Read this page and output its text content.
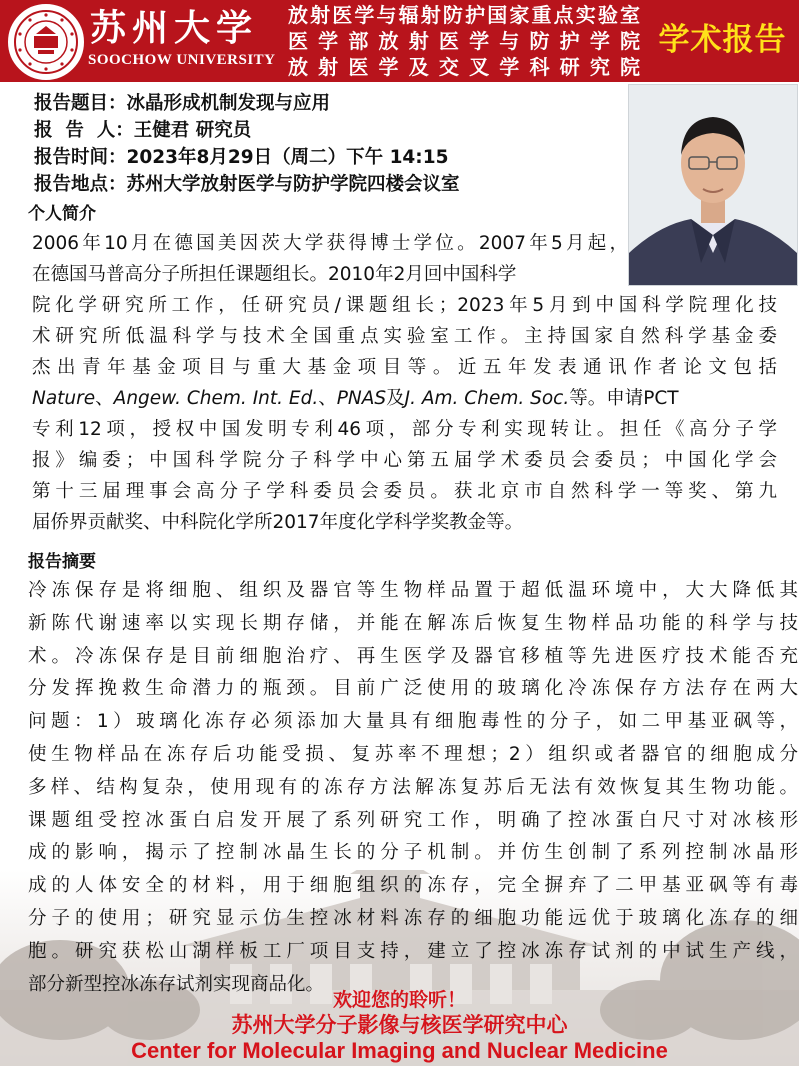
苏州大学
SOOCHOW UNIVERSITY
放射医学与辐射防护国家重点实验室
医学部放射医学与防护学院
放射医学及交叉学科研究院
学术报告
报告题目：冰晶形成机制发现与应用
报  告  人：王健君 研究员
报告时间：2023年8月29日（周二）下午 14:15
报告地点：苏州大学放射医学与防护学院四楼会议室
个人简介
2006年10月在德国美因茨大学获得博士学位。2007年5月起，
在德国马普高分子所担任课题组长。2010年2月回中国科学
院化学研究所工作，任研究员/课题组长；2023年5月到中国科学院理化技
术研究所低温科学与技术全国重点实验室工作。主持国家自然科学基金委
杰出青年基金项目与重大基金项目等。近五年发表通讯作者论文包括
Nature、Angew. Chem. Int. Ed.、PNAS及J. Am. Chem. Soc.等。申请PCT
专利12项，授权中国发明专利46项，部分专利实现转让。担任《高分子学
报》编委；中国科学院分子科学中心第五届学术委员会委员；中国化学会
第十三届理事会高分子学科委员会委员。获北京市自然科学一等奖、第九
届侨界贡献奖、中科院化学所2017年度化学科学奖教金等。
报告摘要
冷冻保存是将细胞、组织及器官等生物样品置于超低温环境中，大大降低其
新陈代谢速率以实现长期存储，并能在解冻后恢复生物样品功能的科学与技
术。冷冻保存是目前细胞治疗、再生医学及器官移植等先进医疗技术能否充
分发挥挽救生命潜力的瓶颈。目前广泛使用的玻璃化冷冻保存方法存在两大
问题：1）玻璃化冻存必须添加大量具有细胞毒性的分子，如二甲基亚砜等，
使生物样品在冻存后功能受损、复苏率不理想；2）组织或者器官的细胞成分
多样、结构复杂，使用现有的冻存方法解冻复苏后无法有效恢复其生物功能。
课题组受控冰蛋白启发开展了系列研究工作，明确了控冰蛋白尺寸对冰核形
成的影响，揭示了控制冰晶生长的分子机制。并仿生创制了系列控制冰晶形
成的人体安全的材料，用于细胞组织的冻存，完全摒弃了二甲基亚砜等有毒
分子的使用；研究显示仿生控冰材料冻存的细胞功能远优于玻璃化冻存的细
胞。研究获松山湖样板工厂项目支持，建立了控冰冻存试剂的中试生产线，
部分新型控冰冻存试剂实现商品化。
欢迎您的聆听！
苏州大学分子影像与核医学研究中心
Center for Molecular Imaging and Nuclear Medicine
